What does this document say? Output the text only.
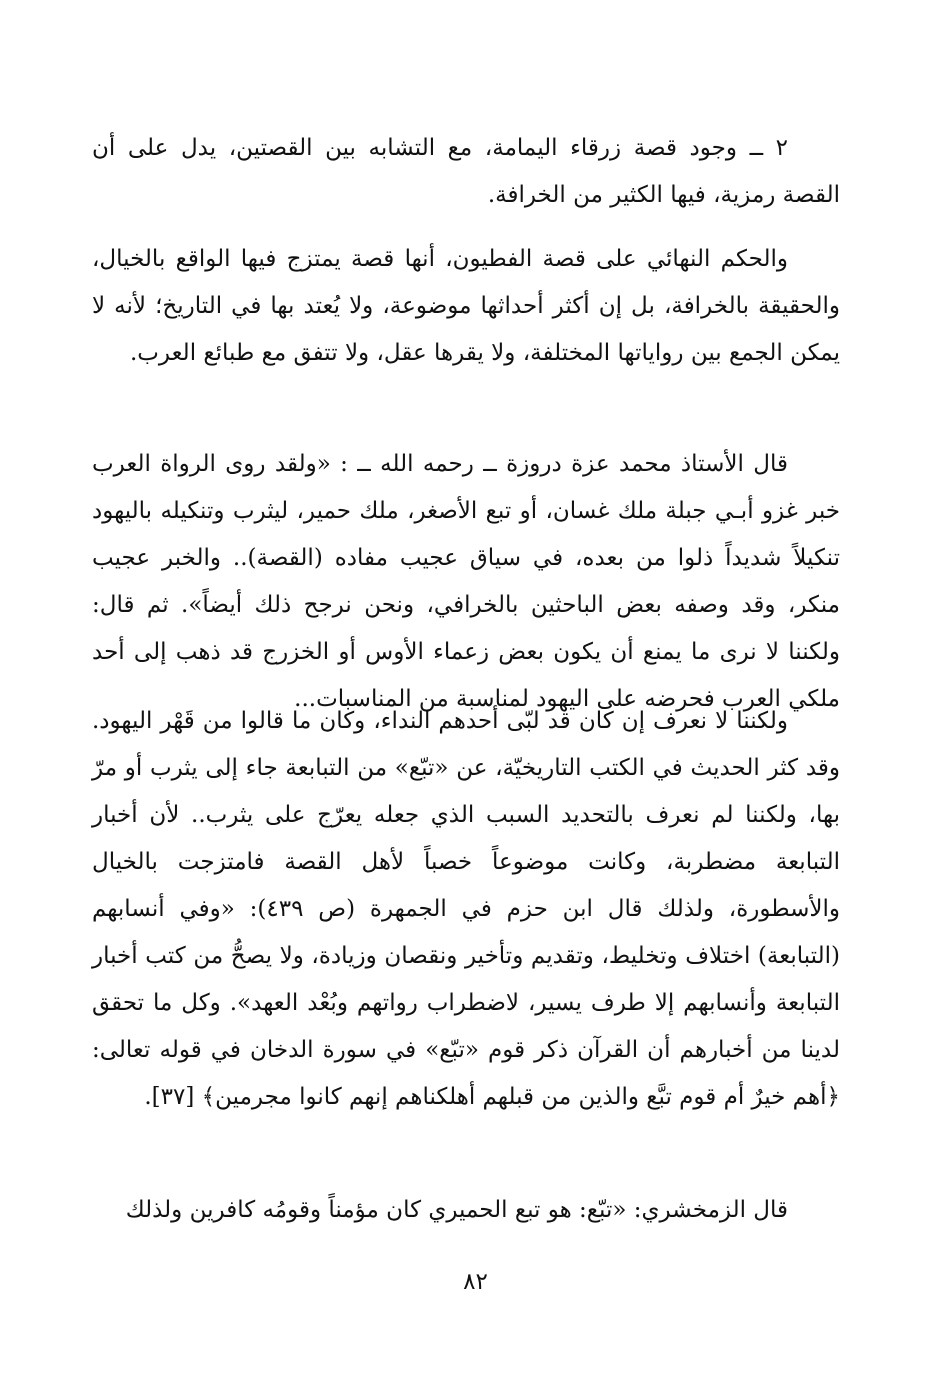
٢ ــ وجود قصة زرقاء اليمامة، مع التشابه بين القصتين، يدل على أن القصة رمزية، فيها الكثير من الخرافة.

والحكم النهائي على قصة الفطيون، أنها قصة يمتزج فيها الواقع بالخيال، والحقيقة بالخرافة، بل إن أكثر أحداثها موضوعة، ولا يُعتد بها في التاريخ؛ لأنه لا يمكن الجمع بين رواياتها المختلفة، ولا يقرها عقل، ولا تتفق مع طبائع العرب.

قال الأستاذ محمد عزة دروزة ــ رحمه الله ــ : «ولقد روى الرواة العرب خبر غزو أبـي جبلة ملك غسان، أو تبع الأصغر، ملك حمير، ليثرب وتنكيله باليهود تنكيلاً شديداً ذلوا من بعده، في سياق عجيب مفاده (القصة).. والخبر عجيب منكر، وقد وصفه بعض الباحثين بالخرافي، ونحن نرجح ذلك أيضاً». ثم قال: ولكننا لا نرى ما يمنع أن يكون بعض زعماء الأوس أو الخزرج قد ذهب إلى أحد ملكي العرب فحرضه على اليهود لمناسبة من المناسبات...

ولكننا لا نعرف إن كان قد لبّى أحدهم النداء، وكان ما قالوا من قَهْر اليهود. وقد كثر الحديث في الكتب التاريخيّة، عن «تبّع» من التبابعة جاء إلى يثرب أو مرّ بها، ولكننا لم نعرف بالتحديد السبب الذي جعله يعرّج على يثرب.. لأن أخبار التبابعة مضطربة، وكانت موضوعاً خصباً لأهل القصة فامتزجت بالخيال والأسطورة، ولذلك قال ابن حزم في الجمهرة (ص ٤٣٩): «وفي أنسابهم (التبابعة) اختلاف وتخليط، وتقديم وتأخير ونقصان وزيادة، ولا يصحُّ من كتب أخبار التبابعة وأنسابهم إلا طرف يسير، لاضطراب رواتهم وبُعْد العهد». وكل ما تحقق لدينا من أخبارهم أن القرآن ذكر قوم «تبّع» في سورة الدخان في قوله تعالى: ﴿أهم خيرٌ أم قوم تبَّع والذين من قبلهم أهلكناهم إنهم كانوا مجرمين﴾ [٣٧].

قال الزمخشري: «تبّع: هو تبع الحميري كان مؤمناً وقومُه كافرين ولذلك

٨٢
